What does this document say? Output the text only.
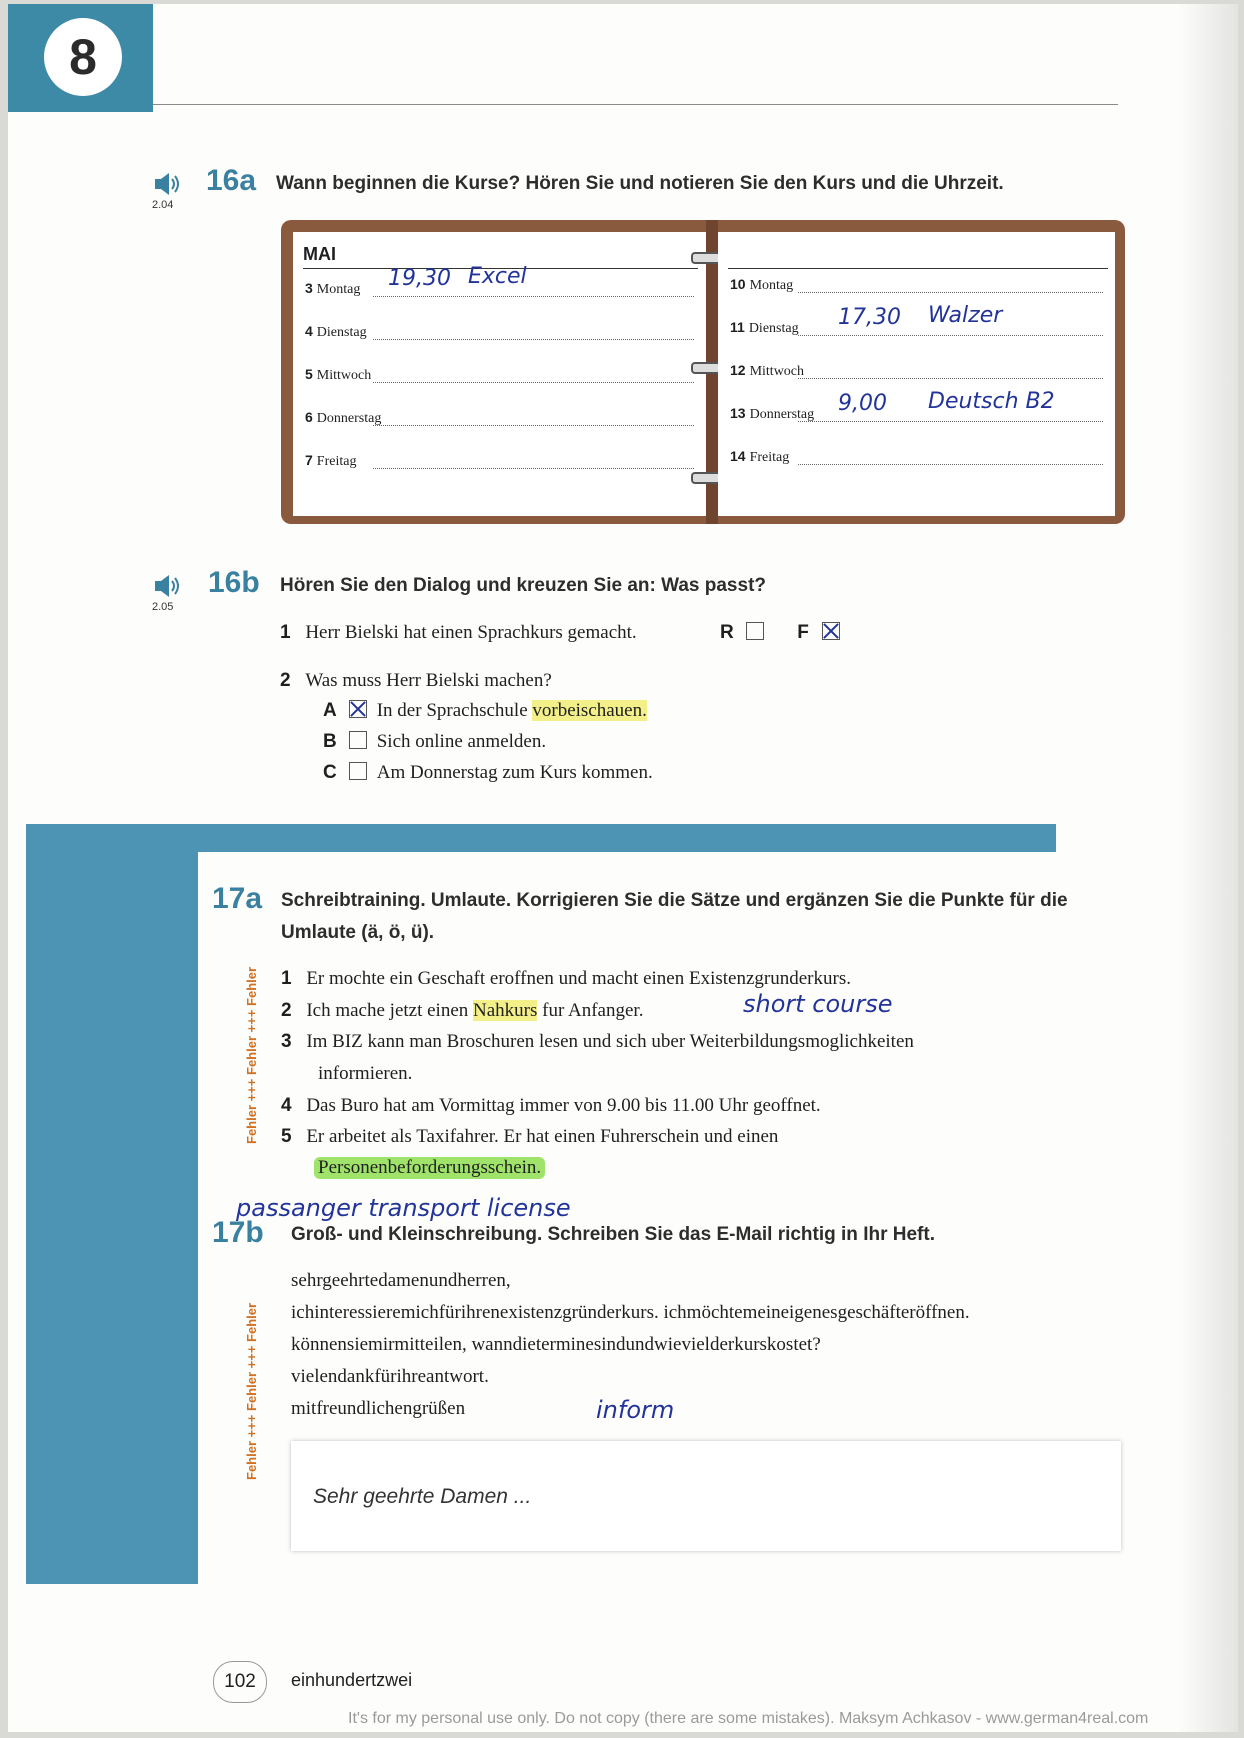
8
2.04
16a Wann beginnen die Kurse? Hören Sie und notieren Sie den Kurs und die Uhrzeit.
MAI
3 Montag 19,30 Excel
4 Dienstag
5 Mittwoch
6 Donnerstag
7 Freitag
10 Montag
11 Dienstag 17,30 Walzer
12 Mittwoch
13 Donnerstag 9,00 Deutsch B2
14 Freitag
2.05
16b Hören Sie den Dialog und kreuzen Sie an: Was passt?
1 Herr Bielski hat einen Sprachkurs gemacht.	R	F
2 Was muss Herr Bielski machen?
A In der Sprachschule vorbeischauen.
B Sich online anmelden.
C Am Donnerstag zum Kurs kommen.
17a Schreibtraining. Umlaute. Korrigieren Sie die Sätze und ergänzen Sie die Punkte für die
Umlaute (ä, ö, ü).
Fehler +++ Fehler +++ Fehler 1 Er mochte ein Geschaft eroffnen und macht einen Existenzgrunderkurs.
2 Ich mache jetzt einen Nahkurs fur Anfanger.	short course
3 Im BIZ kann man Broschuren lesen und sich uber Weiterbildungsmoglichkeiten
informieren.
4 Das Buro hat am Vormittag immer von 9.00 bis 11.00 Uhr geoffnet.
5 Er arbeitet als Taxifahrer. Er hat einen Fuhrerschein und einen
Personenbeforderungsschein.
passanger transport license
17b Groß- und Kleinschreibung. Schreiben Sie das E-Mail richtig in Ihr Heft.
Fehler +++ Fehler +++ Fehler
sehrgeehrtedamenundherren,
ichinteressieremichfürihrenexistenzgründerkurs. ichmöchtemeineigenesgeschäfteröffnen.
könnensiemirmitteilen, wanndieterminesindundwievielderkurskostet?
vielendankfürihreantwort.
mitfreundlichengrüßen	inform
Sehr geehrte Damen ...
102	einhundertzwei
It's for my personal use only. Do not copy (there are some mistakes). Maksym Achkasov - www.german4real.com
